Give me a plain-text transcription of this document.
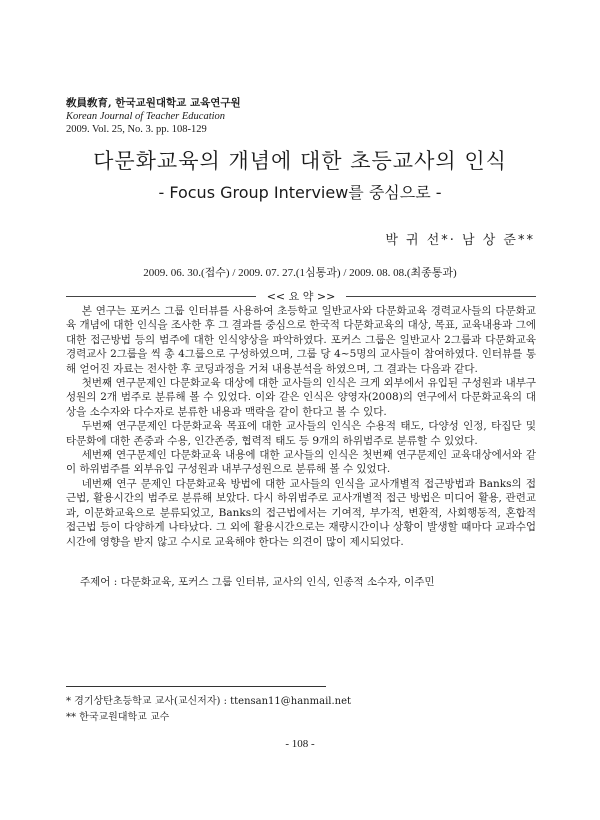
敎員敎育, 한국교원대학교 교육연구원
Korean Journal of Teacher Education
2009. Vol. 25, No. 3. pp. 108-129
다문화교육의 개념에 대한 초등교사의 인식
- Focus Group Interview를 중심으로 -
박 귀 선*· 남 상 준**
2009. 06. 30.(접수) / 2009. 07. 27.(1심통과) / 2009. 08. 08.(최종통과)
<< 요 약 >>

본 연구는 포커스 그룹 인터뷰를 사용하여 초등학교 일반교사와 다문화교육 경력교사들의 다문화교육 개념에 대한 인식을 조사한 후 그 결과를 중심으로 한국적 다문화교육의 대상, 목표, 교육내용과 그에 대한 접근방법 등의 범주에 대한 인식양상을 파악하였다. 포커스 그룹은 일반교사 2그룹과 다문화교육 경력교사 2그룹을 씩 총 4그룹으로 구성하였으며, 그룹 당 4~5명의 교사들이 참여하였다. 인터뷰를 통해 얻어진 자료는 전사한 후 코딩과정을 거쳐 내용분석을 하였으며, 그 결과는 다음과 같다.

첫번째 연구문제인 다문화교육 대상에 대한 교사들의 인식은 크게 외부에서 유입된 구성원과 내부구성원의 2개 범주로 분류해 볼 수 있었다. 이와 같은 인식은 양영자(2008)의 연구에서 다문화교육의 대상을 소수자와 다수자로 분류한 내용과 맥락을 같이 한다고 볼 수 있다.

두번째 연구문제인 다문화교육 목표에 대한 교사들의 인식은 수용적 태도, 다양성 인정, 타집단 및 타문화에 대한 존중과 수용, 인간존중, 협력적 태도 등 9개의 하위범주로 분류할 수 있었다.

세번째 연구문제인 다문화교육 내용에 대한 교사들의 인식은 첫번째 연구문제인 교육대상에서와 같이 하위범주를 외부유입 구성원과 내부구성원으로 분류해 볼 수 있었다.

네번째 연구 문제인 다문화교육 방법에 대한 교사들의 인식을 교사개별적 접근방법과 Banks의 접근법, 활용시간의 범주로 분류해 보았다. 다시 하위범주로 교사개별적 접근 방법은 미디어 활용, 관련교과, 이문화교육으로 분류되었고, Banks의 접근법에서는 기여적, 부가적, 변환적, 사회행동적, 혼합적 접근법 등이 다양하게 나타났다. 그 외에 활용시간으로는 재량시간이나 상황이 발생할 때마다 교과수업시간에 영향을 받지 않고 수시로 교육해야 한다는 의견이 많이 제시되었다.

주제어 : 다문화교육, 포커스 그룹 인터뷰, 교사의 인식, 인종적 소수자, 이주민
* 경기상탄초등학교 교사(교신저자) : ttensan11@hanmail.net
** 한국교원대학교 교수
- 108 -
